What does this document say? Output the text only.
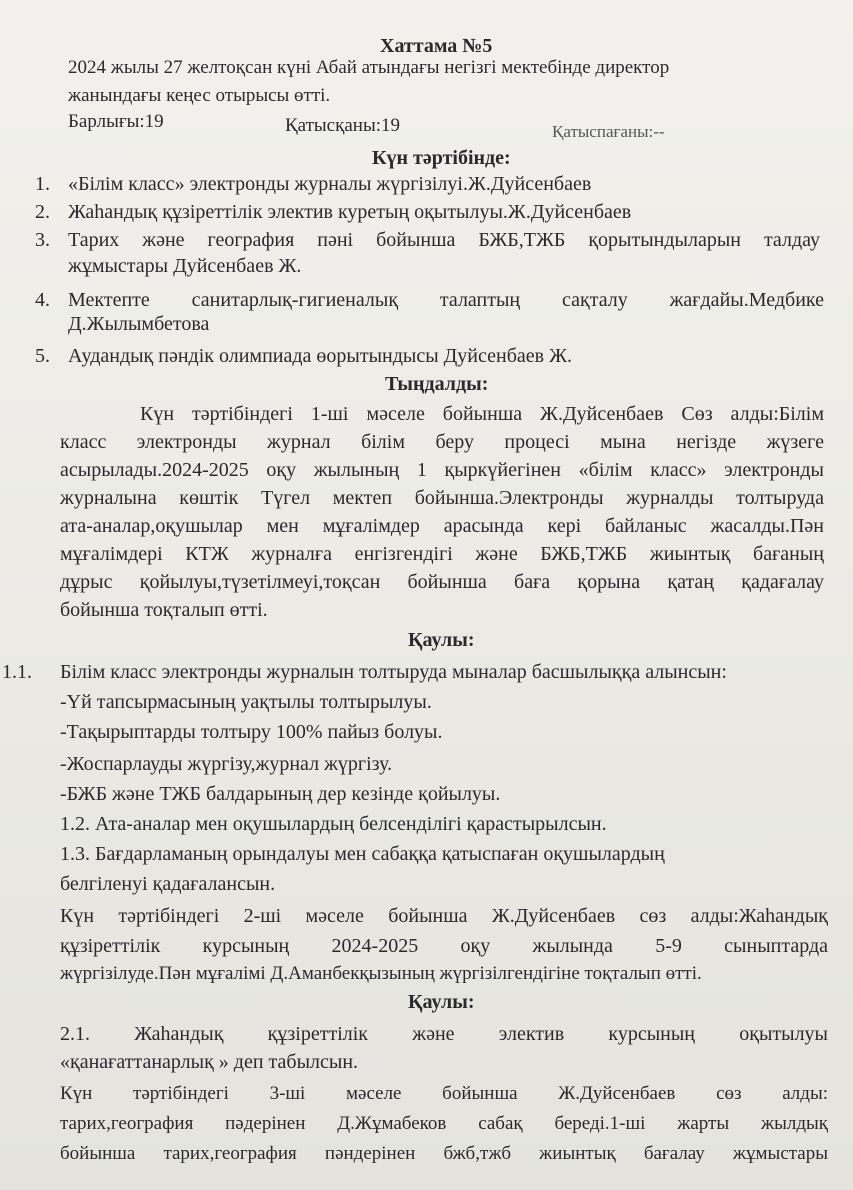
Хаттама №5
2024 жылы 27 желтоқсан күні Абай атындағы негізгі мектебінде директор
жанындағы кеңес отырысы өтті.
Барлығы:19	Қатысқаны:19	Қатыспағаны:--
Күн тәртібінде:
1. «Білім класс» электронды журналы жүргізілуі.Ж.Дуйсенбаев
2. Жаһандық құзіреттілік электив куретың оқытылуы.Ж.Дуйсенбаев
3. Тарих және география пәні бойынша БЖБ,ТЖБ қорытындыларын талдау
жұмыстары Дуйсенбаев Ж.
4. Мектепте санитарлық-гигиеналық талаптың сақталу жағдайы.Медбике
Д.Жылымбетова
5. Аудандық пәндік олимпиада өорытындысы Дуйсенбаев Ж.
Тыңдалды:
Күн тәртібіндегі 1-ші мәселе бойынша Ж.Дуйсенбаев Сөз алды:Білім
класс электронды журнал білім беру процесі мына негізде жүзеге
асырылады.2024-2025 оқу жылының 1 қыркүйегінен «білім класс» электронды
журналына көштік Түгел мектеп бойынша.Электронды журналды толтыруда
ата-аналар,оқушылар мен мұғалімдер арасында кері байланыс жасалды.Пән
мұғалімдері КТЖ журналға енгізгендігі және БЖБ,ТЖБ жиынтық бағаның
дұрыс қойылуы,түзетілмеуі,тоқсан бойынша баға қорына қатаң қадағалау
бойынша тоқталып өтті.
Қаулы:
1.1. Білім класс электронды журналын толтыруда мыналар басшылыққа алынсын:
-Үй тапсырмасының уақтылы толтырылуы.
-Тақырыптарды толтыру 100% пайыз болуы.
-Жоспарлауды жүргізу,журнал жүргізу.
-БЖБ және ТЖБ балдарының дер кезінде қойылуы.
1.2. Ата-аналар мен оқушылардың белсенділігі қарастырылсын.
1.3. Бағдарламаның орындалуы мен сабаққа қатыспаған оқушылардың
белгіленуі қадағалансын.
Күн тәртібіндегі 2-ші мәселе бойынша Ж.Дуйсенбаев сөз алды:Жаһандық
құзіреттілік курсының 2024-2025 оқу жылында 5-9 сыныптарда
жүргізілуде.Пән мұғалімі Д.Аманбекқызының жүргізілгендігіне тоқталып өтті.
Қаулы:
2.1. Жаһандық құзіреттілік және электив курсының оқытылуы
«қанағаттанарлық » деп табылсын.
Күн тәртібіндегі 3-ші мәселе бойынша Ж.Дуйсенбаев сөз алды:
тарих,география пәдерінен Д.Жұмабеков сабақ береді.1-ші жарты жылдық
бойынша тарих,география пәндерінен бжб,тжб жиынтық бағалау жұмыстары
